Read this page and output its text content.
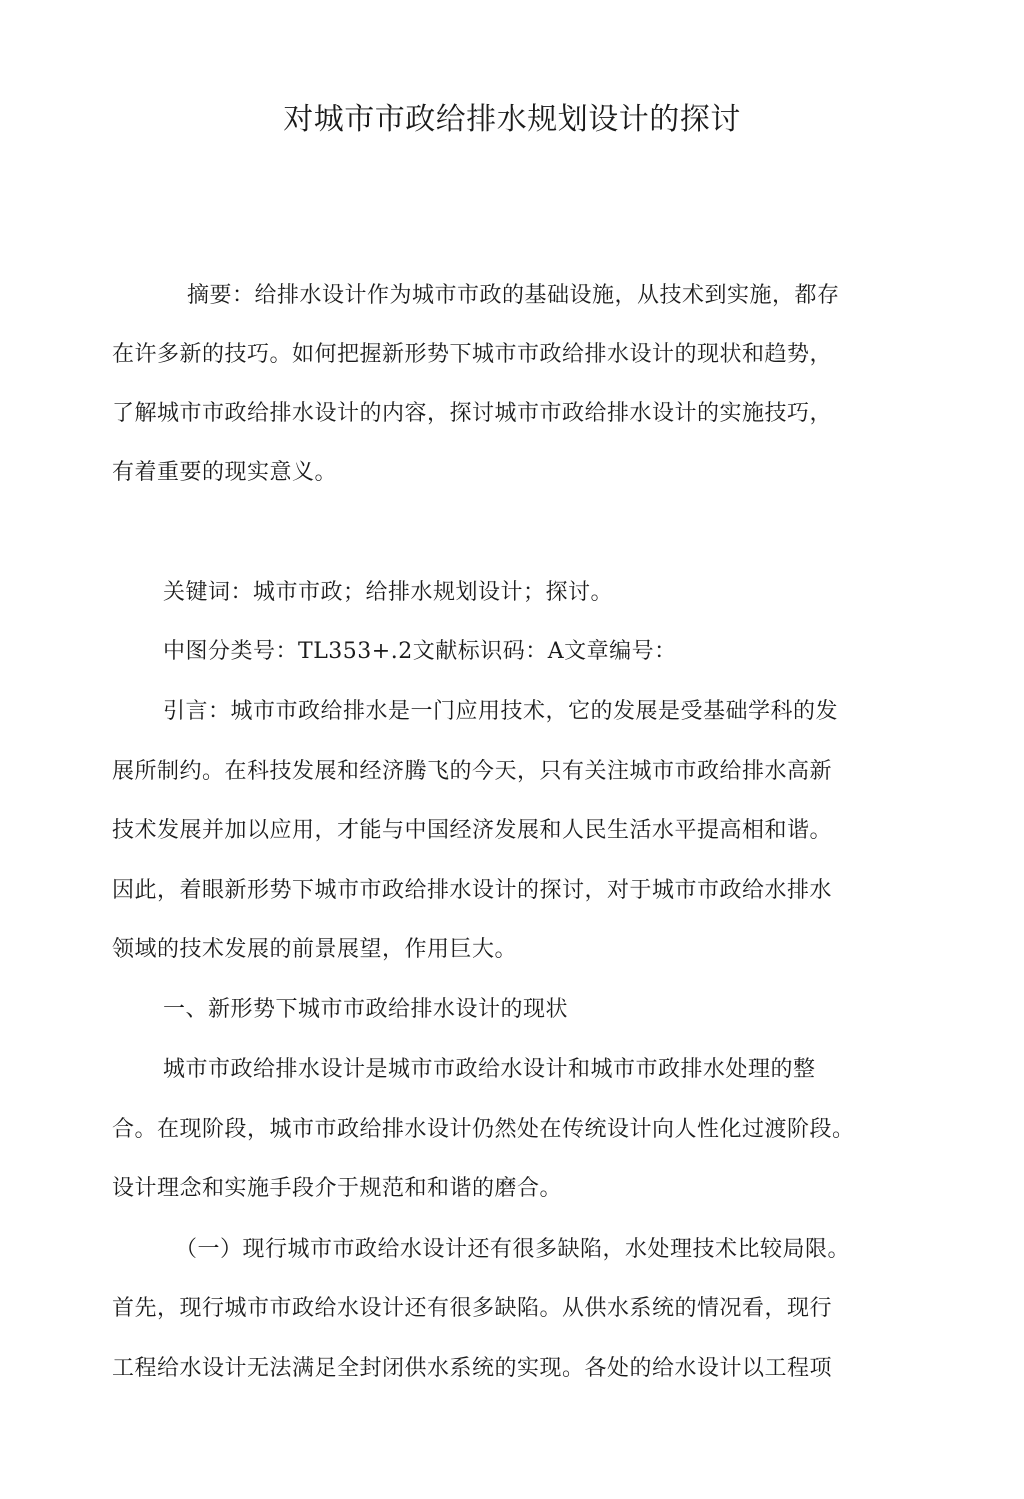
对城市市政给排水规划设计的探讨

摘要：给排水设计作为城市市政的基础设施，从技术到实施，都存

在许多新的技巧。如何把握新形势下城市市政给排水设计的现状和趋势，

了解城市市政给排水设计的内容，探讨城市市政给排水设计的实施技巧，

有着重要的现实意义。

关键词：城市市政；给排水规划设计；探讨。

中图分类号：TL353+.2文献标识码：A文章编号：

引言：城市市政给排水是一门应用技术，它的发展是受基础学科的发

展所制约。在科技发展和经济腾飞的今天，只有关注城市市政给排水高新

技术发展并加以应用，才能与中国经济发展和人民生活水平提高相和谐。

因此，着眼新形势下城市市政给排水设计的探讨，对于城市市政给水排水

领域的技术发展的前景展望，作用巨大。

一、新形势下城市市政给排水设计的现状

城市市政给排水设计是城市市政给水设计和城市市政排水处理的整

合。在现阶段，城市市政给排水设计仍然处在传统设计向人性化过渡阶段。

设计理念和实施手段介于规范和和谐的磨合。

（一）现行城市市政给水设计还有很多缺陷，水处理技术比较局限。

首先，现行城市市政给水设计还有很多缺陷。从供水系统的情况看，现行

工程给水设计无法满足全封闭供水系统的实现。各处的给水设计以工程项
